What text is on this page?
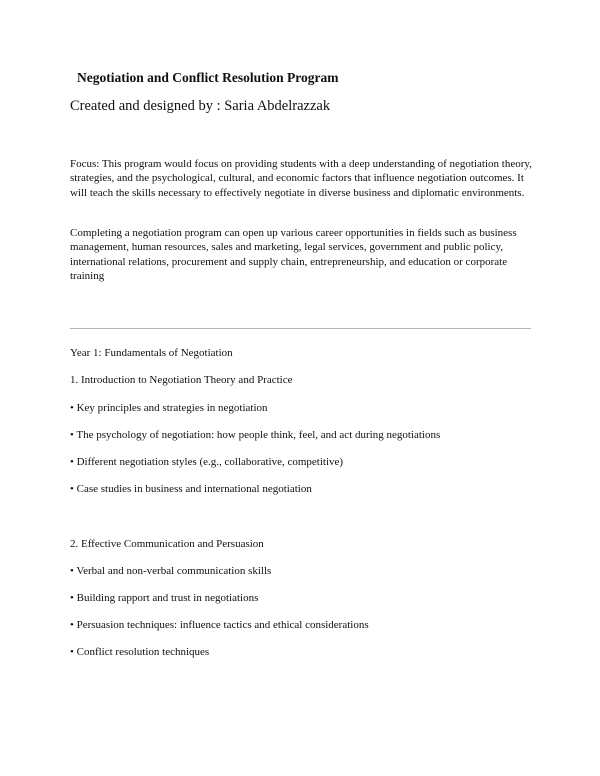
Negotiation and Conflict Resolution Program

Created and designed by : Saria Abdelrazzak

Focus: This program would focus on providing students with a deep understanding of negotiation theory, strategies, and the psychological, cultural, and economic factors that influence negotiation outcomes. It will teach the skills necessary to effectively negotiate in diverse business and diplomatic environments.

Completing a negotiation program can open up various career opportunities in fields such as business management, human resources, sales and marketing, legal services, government and public policy, international relations, procurement and supply chain, entrepreneurship, and education or corporate training

Year 1: Fundamentals of Negotiation

1. Introduction to Negotiation Theory and Practice

• Key principles and strategies in negotiation

• The psychology of negotiation: how people think, feel, and act during negotiations

• Different negotiation styles (e.g., collaborative, competitive)

• Case studies in business and international negotiation

2. Effective Communication and Persuasion

• Verbal and non-verbal communication skills

• Building rapport and trust in negotiations

• Persuasion techniques: influence tactics and ethical considerations

• Conflict resolution techniques
